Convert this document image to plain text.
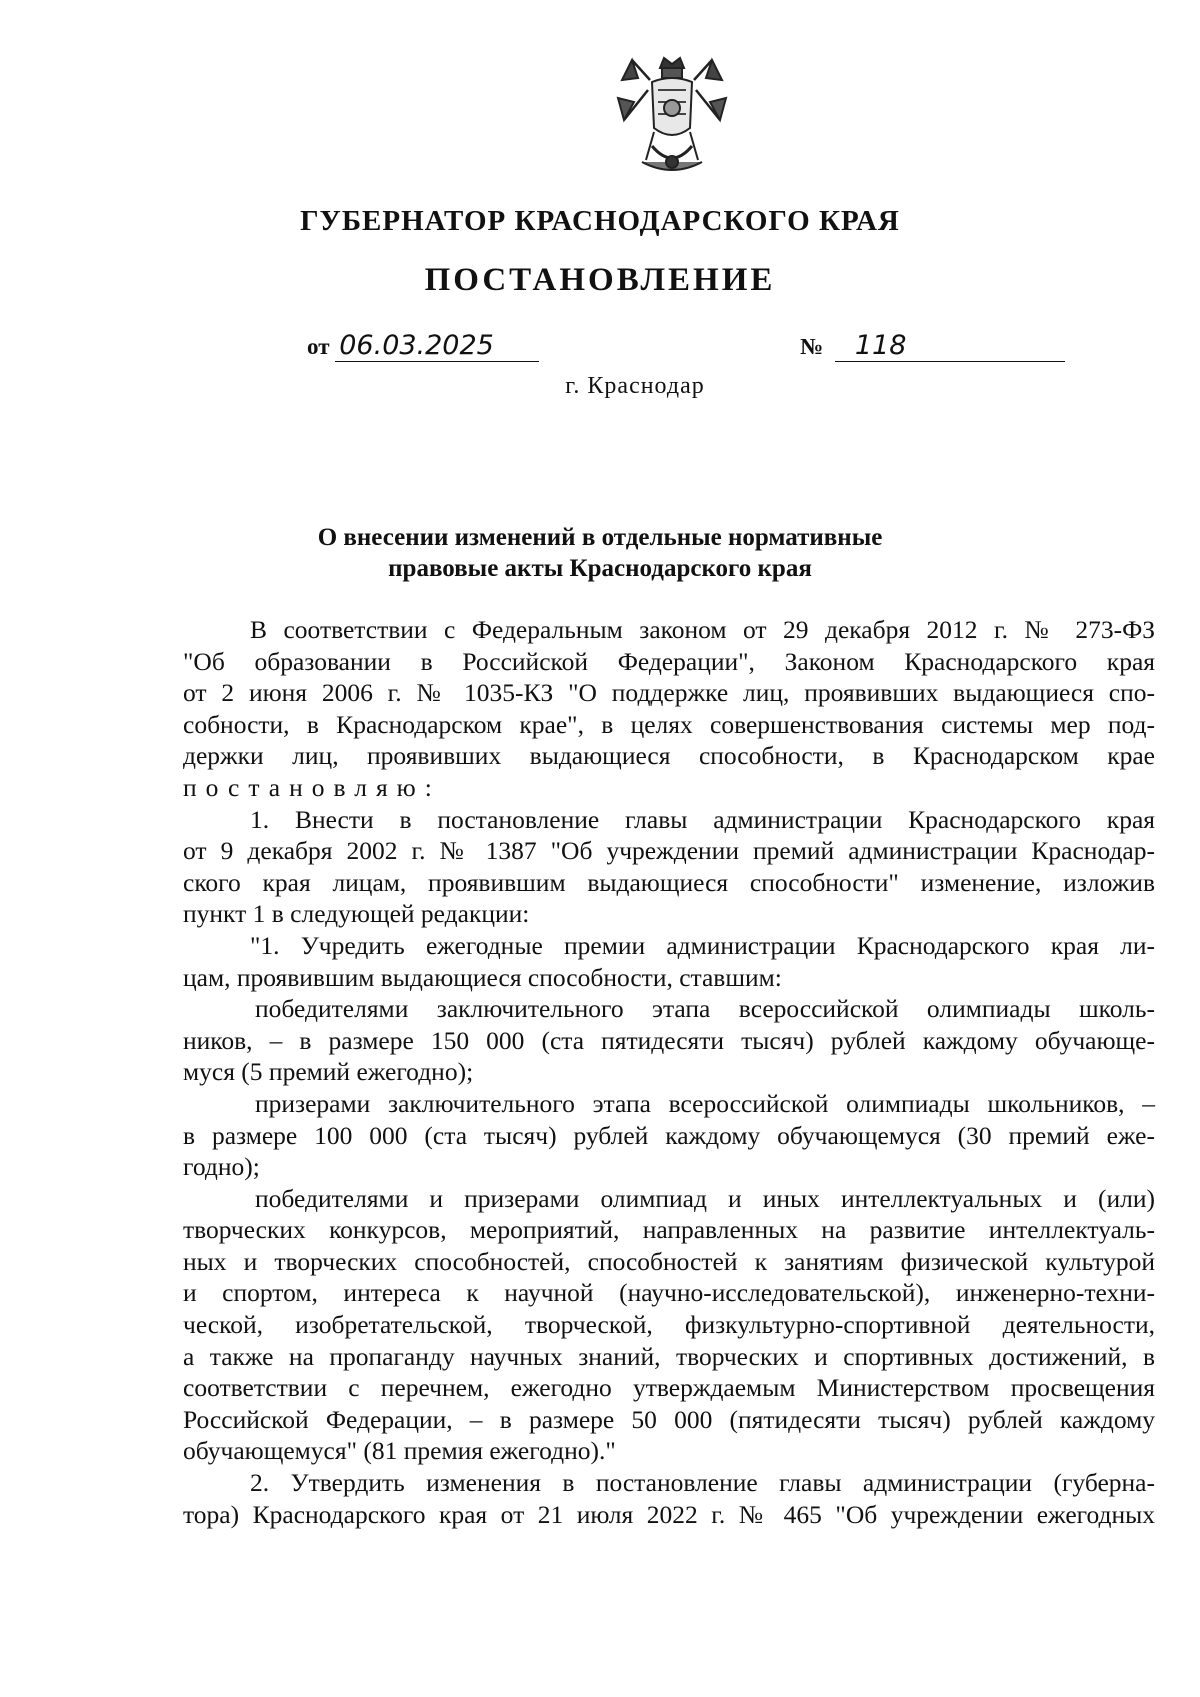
ГУБЕРНАТОР КРАСНОДАРСКОГО КРАЯ
ПОСТАНОВЛЕНИЕ
от 06.03.2025	№ 118
г. Краснодар
О внесении изменений в отдельные нормативные
правовые акты Краснодарского края
В соответствии с Федеральным законом от 29 декабря 2012 г. № 273-ФЗ
"Об образовании в Российской Федерации", Законом Краснодарского края
от 2 июня 2006 г. № 1035-КЗ "О поддержке лиц, проявивших выдающиеся спо-
собности, в Краснодарском крае", в целях совершенствования системы мер под-
держки лиц, проявивших выдающиеся способности, в Краснодарском крае
постановляю:
1. Внести в постановление главы администрации Краснодарского края
от 9 декабря 2002 г. № 1387 "Об учреждении премий администрации Краснодар-
ского края лицам, проявившим выдающиеся способности" изменение, изложив
пункт 1 в следующей редакции:
"1. Учредить ежегодные премии администрации Краснодарского края ли-
цам, проявившим выдающиеся способности, ставшим:
победителями заключительного этапа всероссийской олимпиады школь-
ников, – в размере 150 000 (ста пятидесяти тысяч) рублей каждому обучающе-
муся (5 премий ежегодно);
призерами заключительного этапа всероссийской олимпиады школьников, –
в размере 100 000 (ста тысяч) рублей каждому обучающемуся (30 премий еже-
годно);
победителями и призерами олимпиад и иных интеллектуальных и (или)
творческих конкурсов, мероприятий, направленных на развитие интеллектуаль-
ных и творческих способностей, способностей к занятиям физической культурой
и спортом, интереса к научной (научно-исследовательской), инженерно-техни-
ческой, изобретательской, творческой, физкультурно-спортивной деятельности,
а также на пропаганду научных знаний, творческих и спортивных достижений, в
соответствии с перечнем, ежегодно утверждаемым Министерством просвещения
Российской Федерации, – в размере 50 000 (пятидесяти тысяч) рублей каждому
обучающемуся" (81 премия ежегодно)."
2. Утвердить изменения в постановление главы администрации (губерна-
тора) Краснодарского края от 21 июля 2022 г. № 465 "Об учреждении ежегодных
